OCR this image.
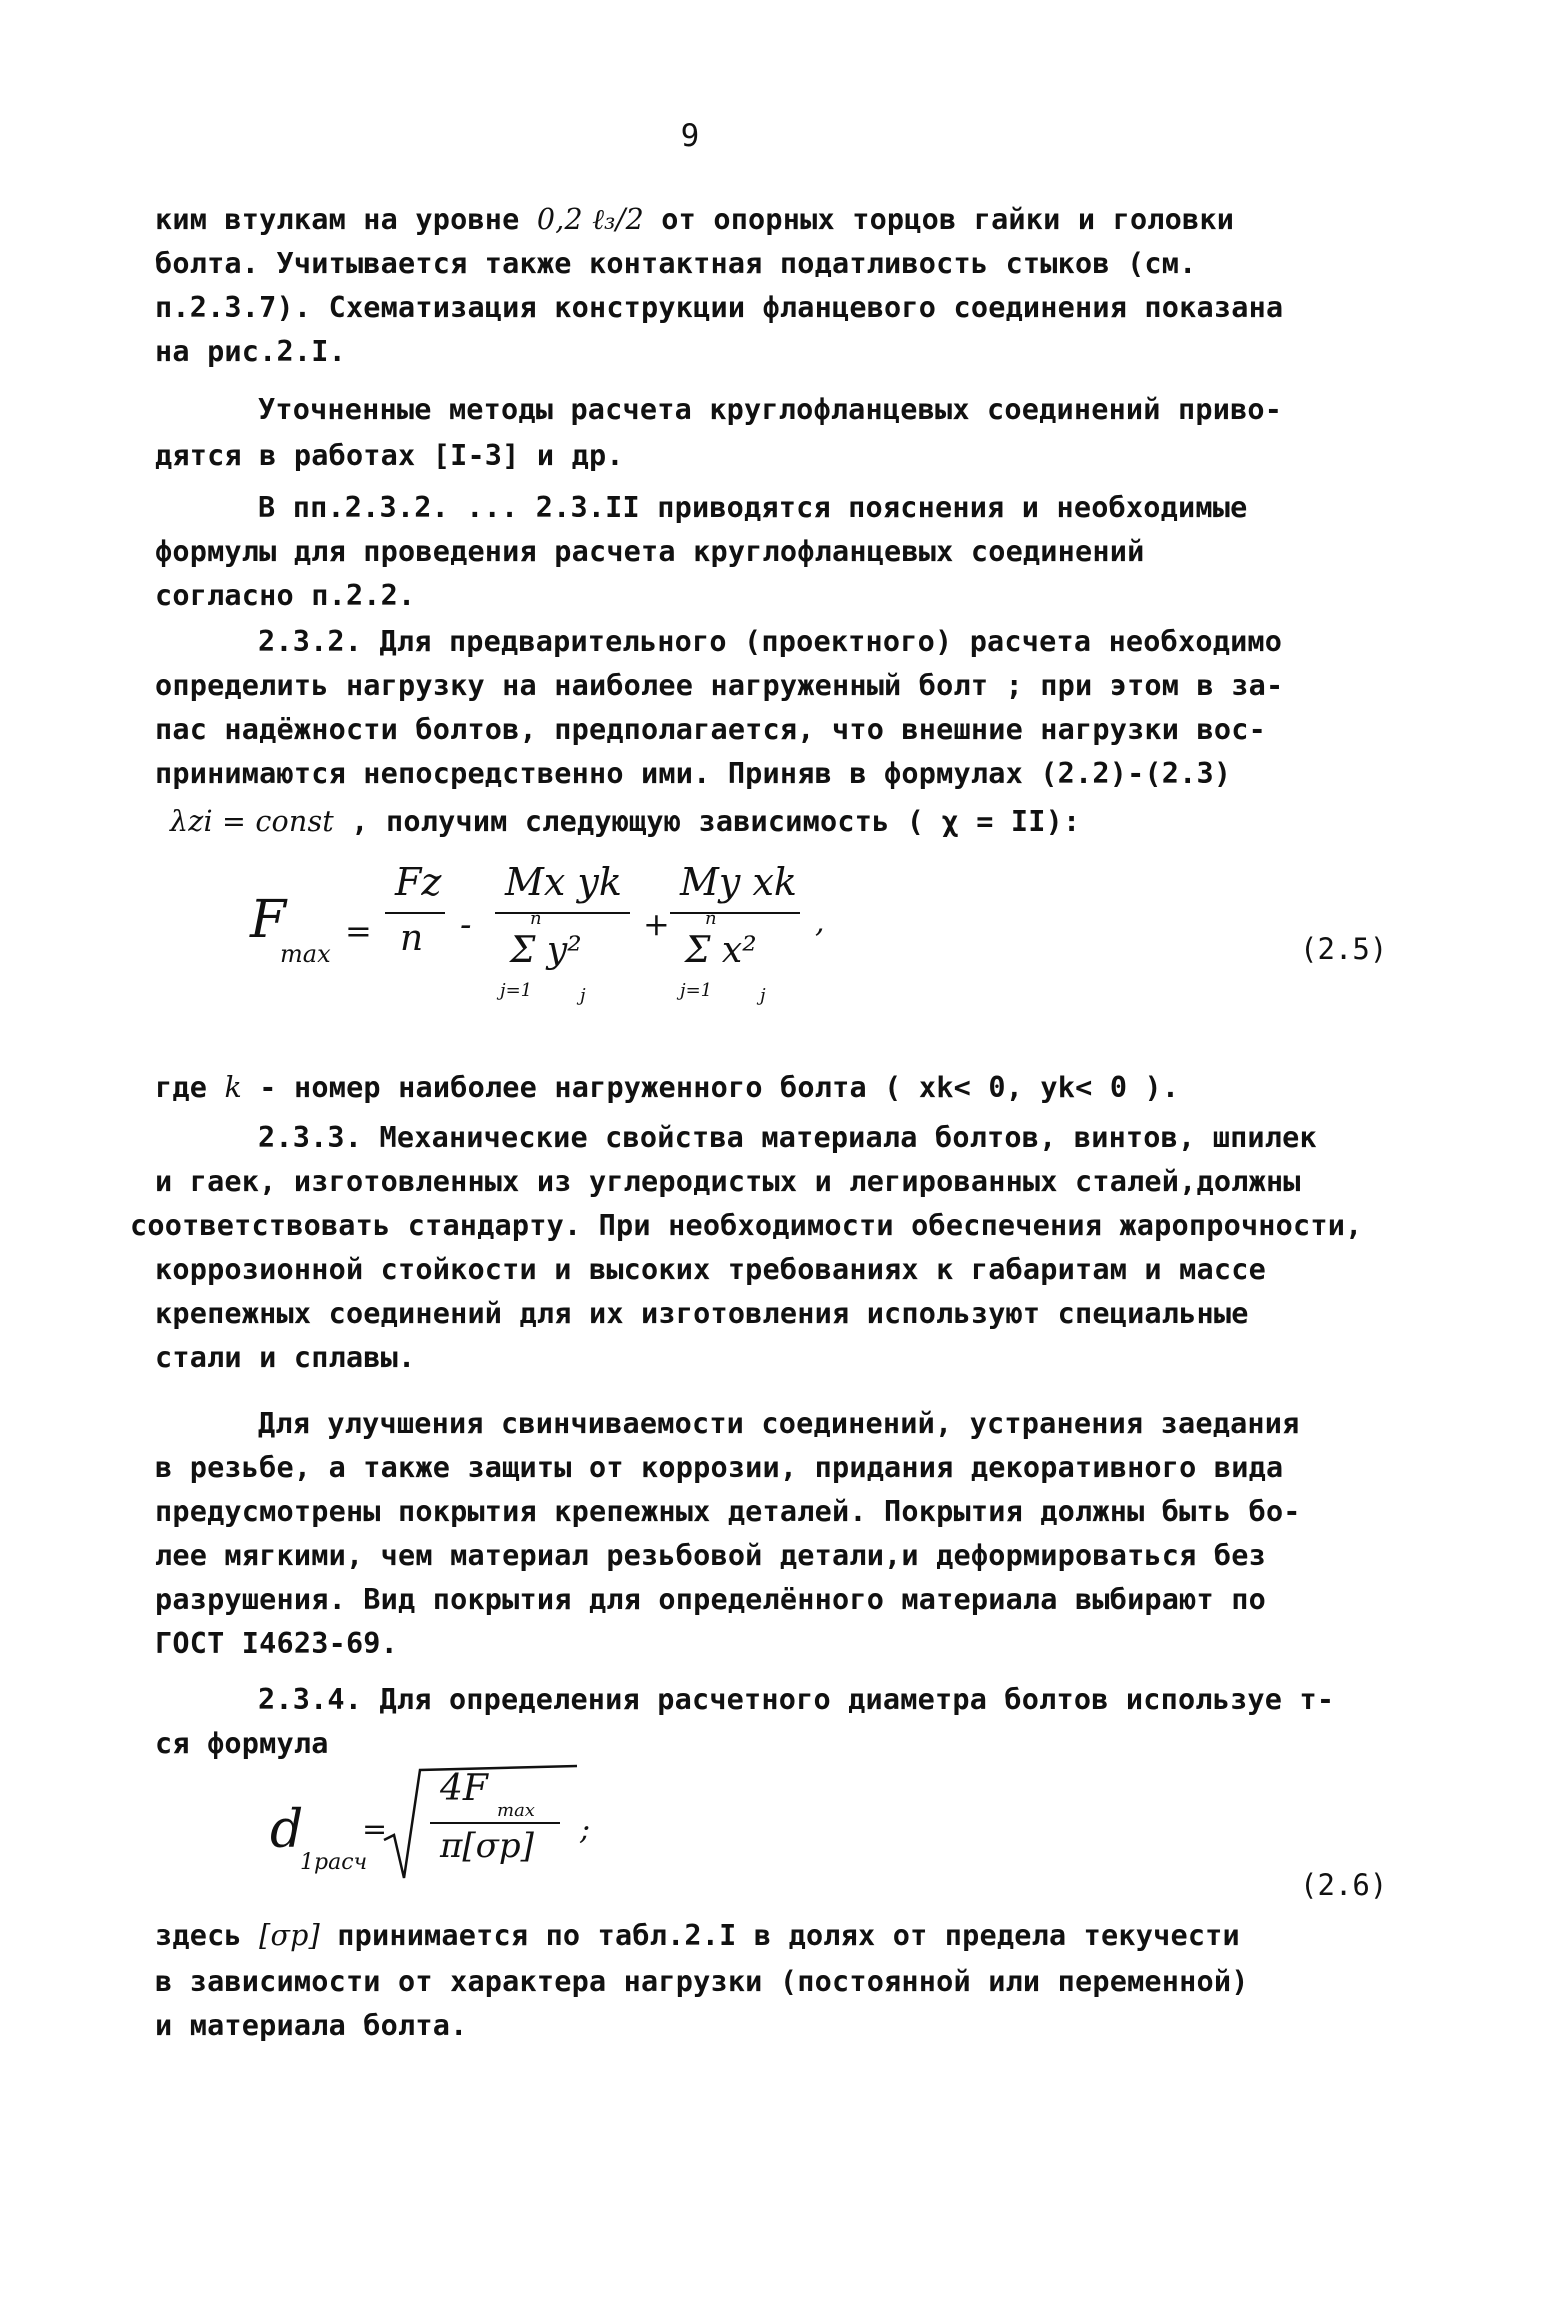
9
ким втулкам на уровне 0,2 ℓ₃/2 от опорных торцов гайки и головки
болта. Учитывается также контактная податливость стыков (см.
п.2.3.7). Схематизация конструкции фланцевого соединения показана
на рис.2.I.
Уточненные методы расчета круглофланцевых соединений приво-
дятся в работах [I-3] и др.
В пп.2.3.2. ... 2.3.II приводятся пояснения и необходимые
формулы для проведения расчета круглофланцевых соединений
согласно п.2.2.
2.3.2. Для предварительного (проектного) расчета необходимо
определить нагрузку на наиболее нагруженный болт ; при этом в за-
пас надёжности болтов, предполагается, что внешние нагрузки вос-
принимаются непосредственно ими. Приняв в формулах (2.2)-(2.3)
λzi = const , получим следующую зависимость ( χ = II):
F
max
=
Fz
n -
Mx yk
n
Σ y²
j=1	j
+
My xk
n
Σ x²
j=1	j
,
(2.5)
где k - номер наиболее нагруженного болта ( xk< 0, yk< 0 ).
2.3.3. Механические свойства материала болтов, винтов, шпилек
и гаек, изготовленных из углеродистых и легированных сталей,должны
соответствовать стандарту. При необходимости обеспечения жаропрочности,
коррозионной стойкости и высоких требованиях к габаритам и массе
крепежных соединений для их изготовления используют специальные
стали и сплавы.
Для улучшения свинчиваемости соединений, устранения заедания
в резьбе, а также защиты от коррозии, придания декоративного вида
предусмотрены покрытия крепежных деталей. Покрытия должны быть бо-
лее мягкими, чем материал резьбовой детали,и деформироваться без
разрушения. Вид покрытия для определённого материала выбирают по
ГОСТ I4623-69.
2.3.4. Для определения расчетного диаметра болтов используе т-
ся формула
d
1расч
=
4F
max
π[σp] ;
(2.6)
здесь [σp] принимается по табл.2.I в долях от предела текучести
в зависимости от характера нагрузки (постоянной или переменной)
и материала болта.
